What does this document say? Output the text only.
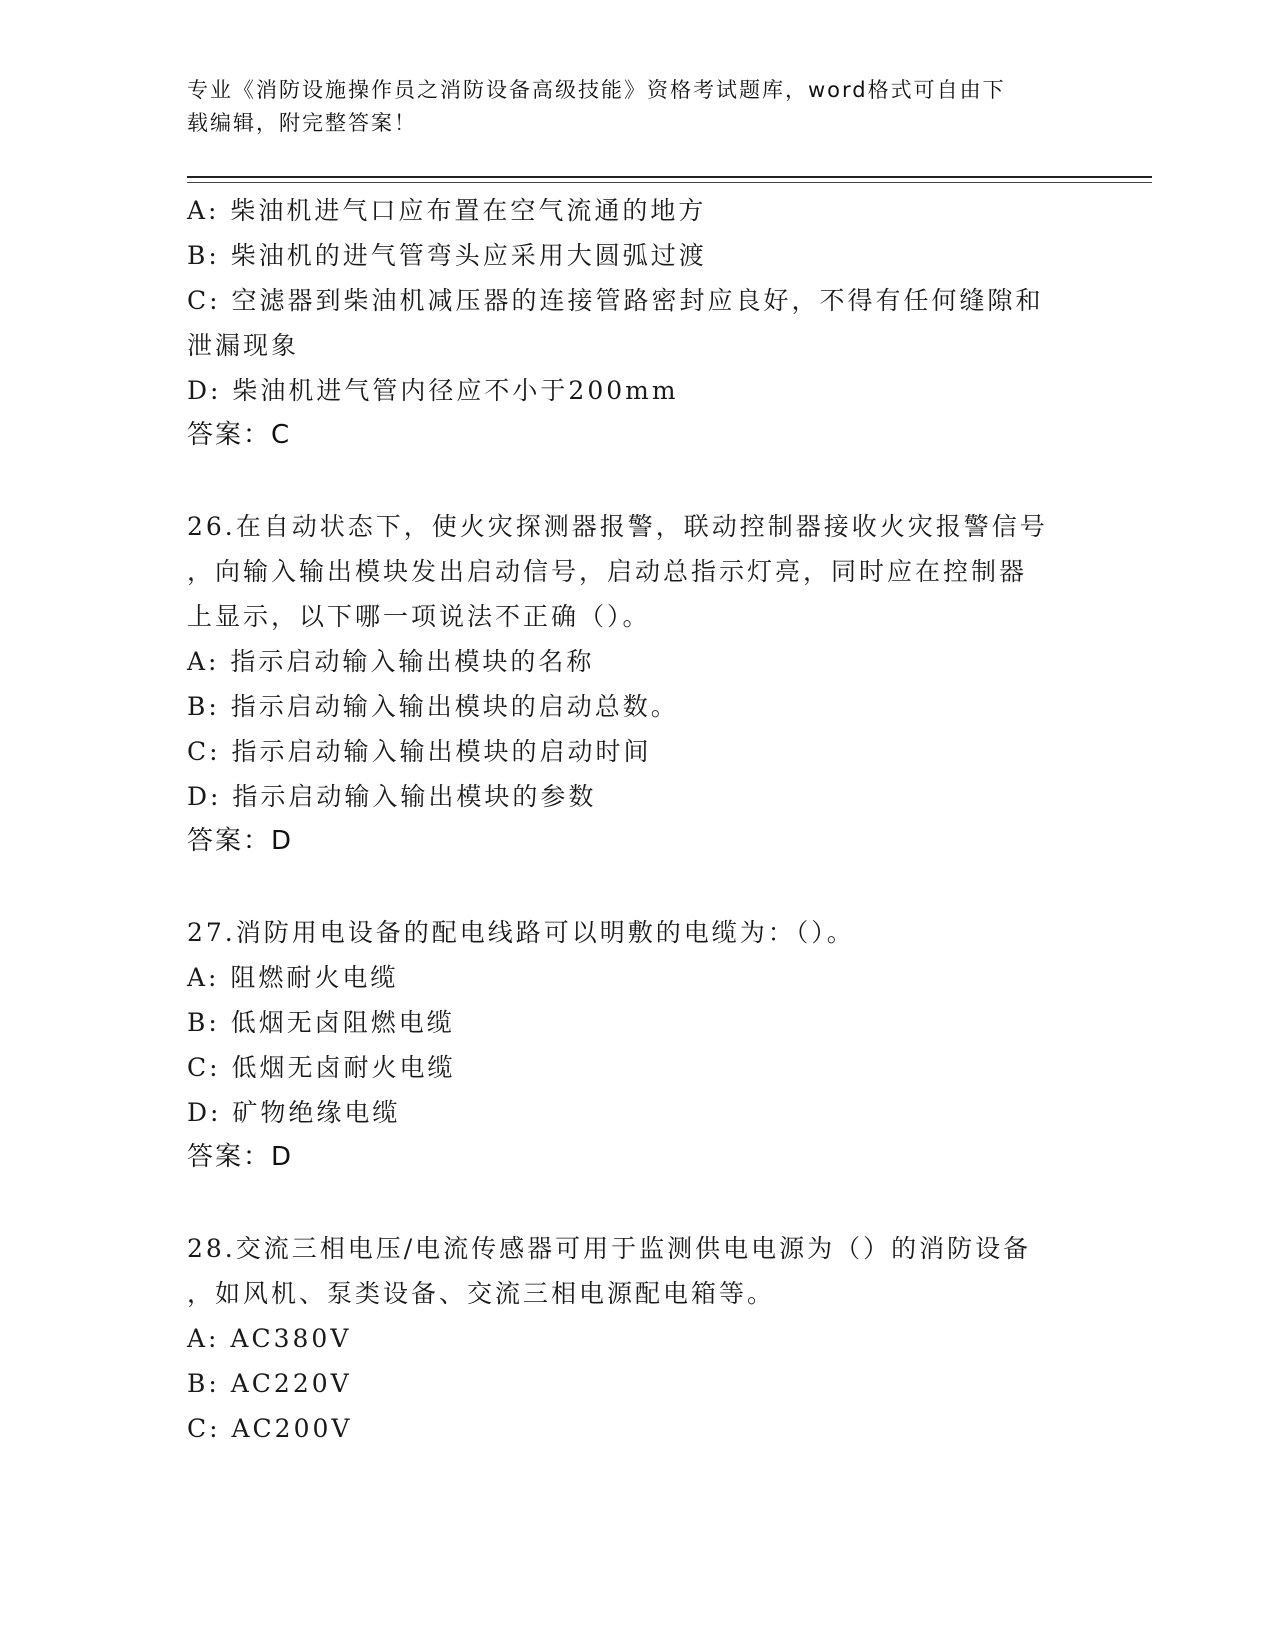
专业《消防设施操作员之消防设备高级技能》资格考试题库，word格式可自由下
载编辑，附完整答案！
A: 柴油机进气口应布置在空气流通的地方
B: 柴油机的进气管弯头应采用大圆弧过渡
C: 空滤器到柴油机减压器的连接管路密封应良好，不得有任何缝隙和
泄漏现象
D: 柴油机进气管内径应不小于200mm
答案：C
26.在自动状态下，使火灾探测器报警，联动控制器接收火灾报警信号
，向输入输出模块发出启动信号，启动总指示灯亮，同时应在控制器
上显示，以下哪一项说法不正确（）。
A: 指示启动输入输出模块的名称
B: 指示启动输入输出模块的启动总数。
C: 指示启动输入输出模块的启动时间
D: 指示启动输入输出模块的参数
答案：D
27.消防用电设备的配电线路可以明敷的电缆为：（）。
A: 阻燃耐火电缆
B: 低烟无卤阻燃电缆
C: 低烟无卤耐火电缆
D: 矿物绝缘电缆
答案：D
28.交流三相电压/电流传感器可用于监测供电电源为（）的消防设备
，如风机、泵类设备、交流三相电源配电箱等。
A: AC380V
B: AC220V
C: AC200V
